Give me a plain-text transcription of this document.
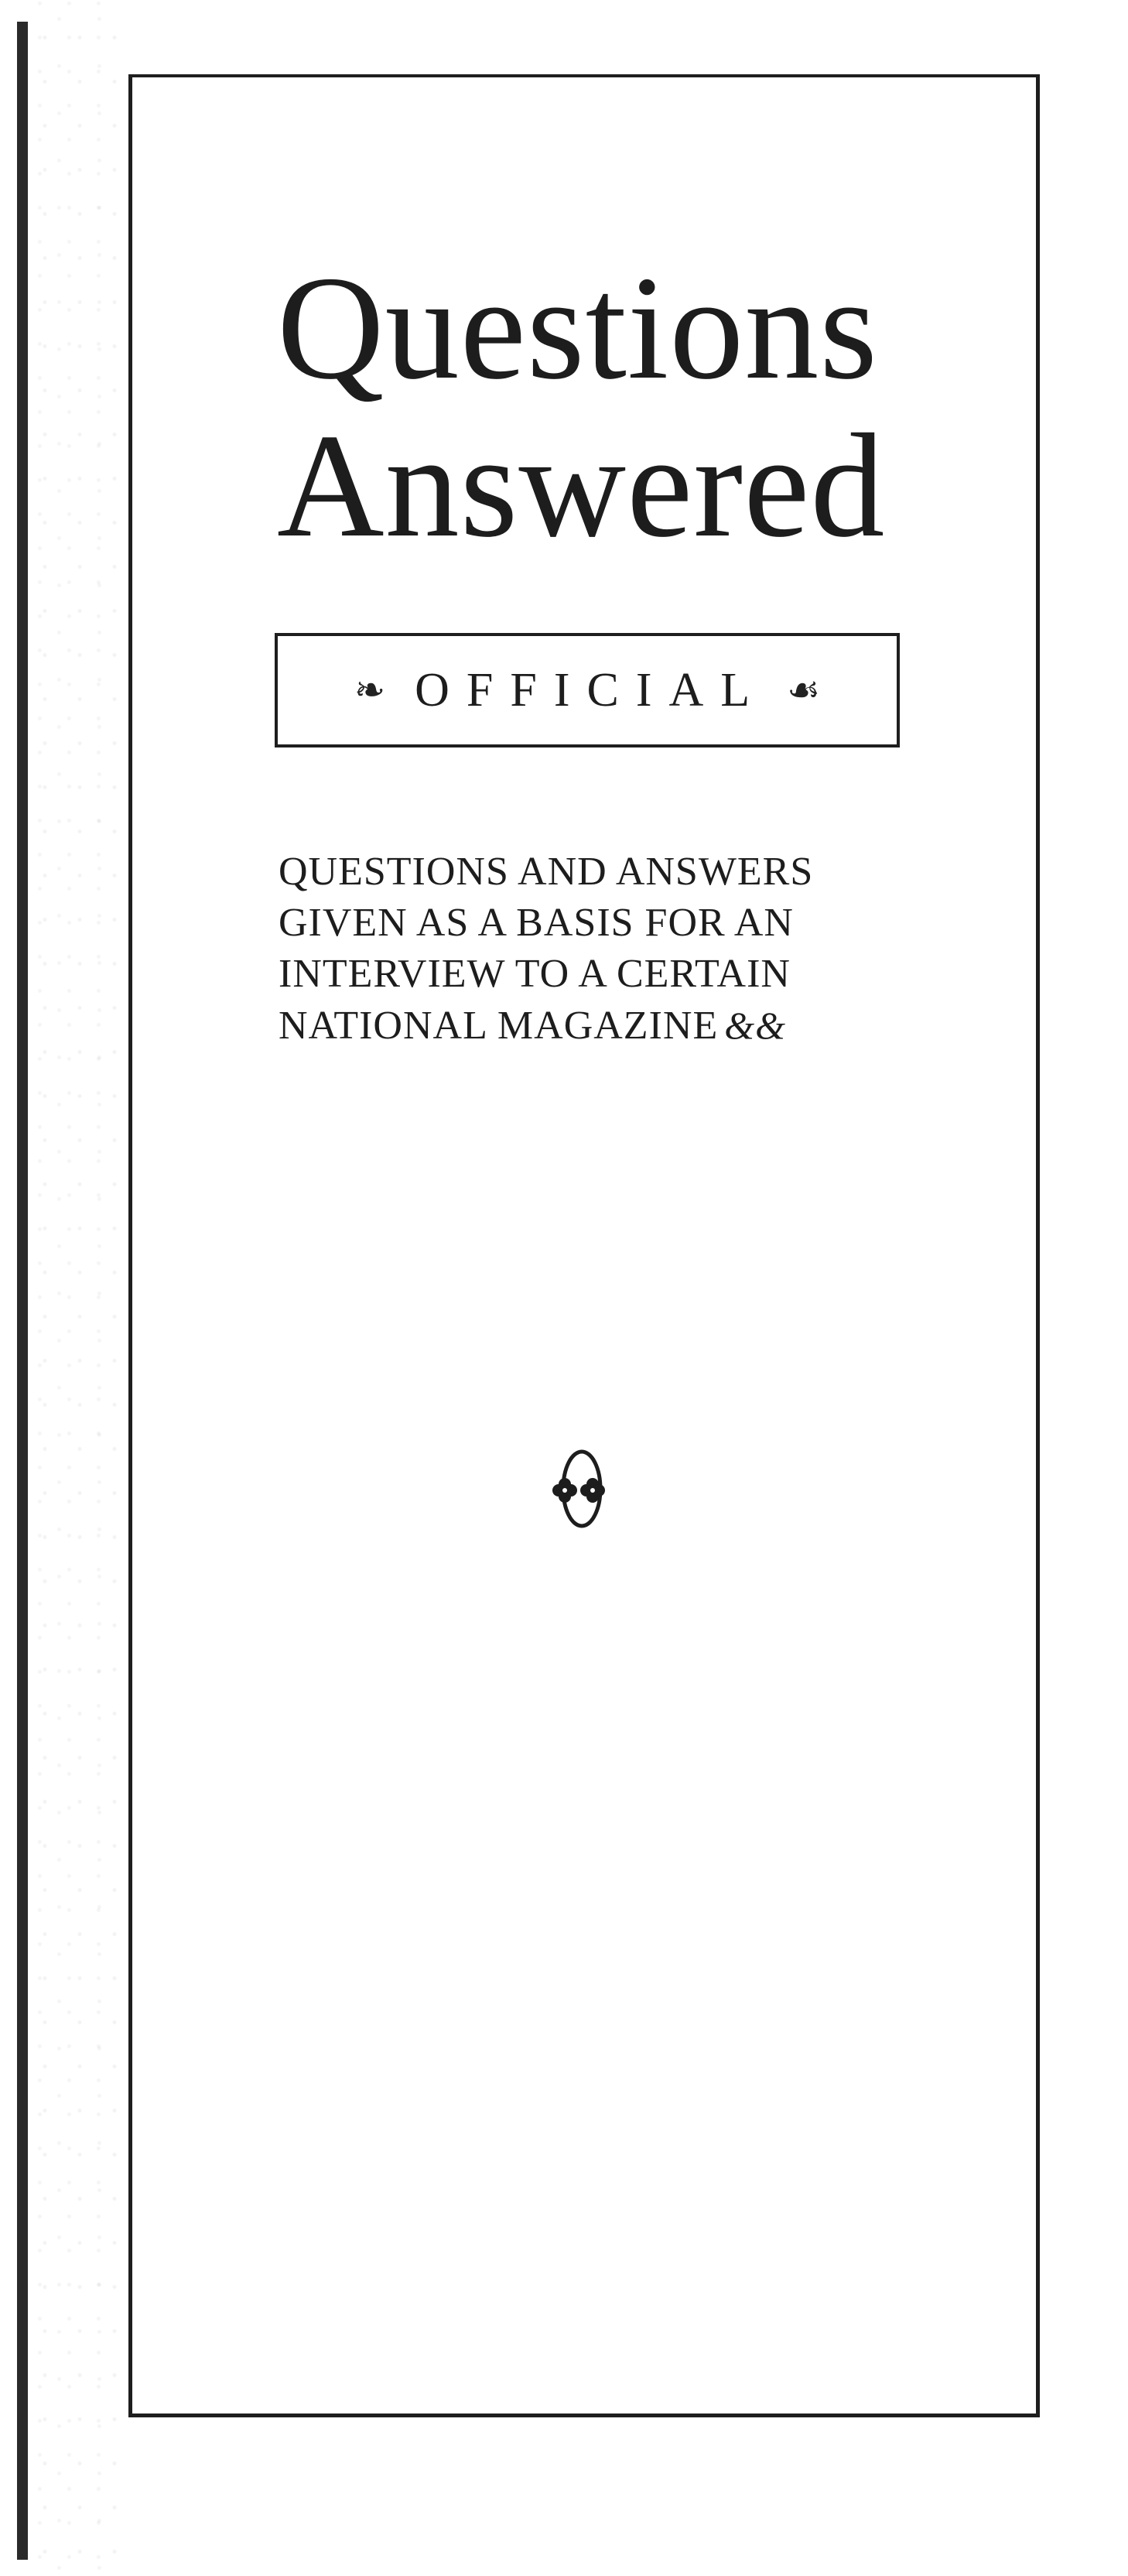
Questions
Answered
❧ OFFICIAL ☙
QUESTIONS AND ANSWERS
GIVEN AS A BASIS FOR AN
INTERVIEW TO A CERTAIN
NATIONAL MAGAZINE &&
